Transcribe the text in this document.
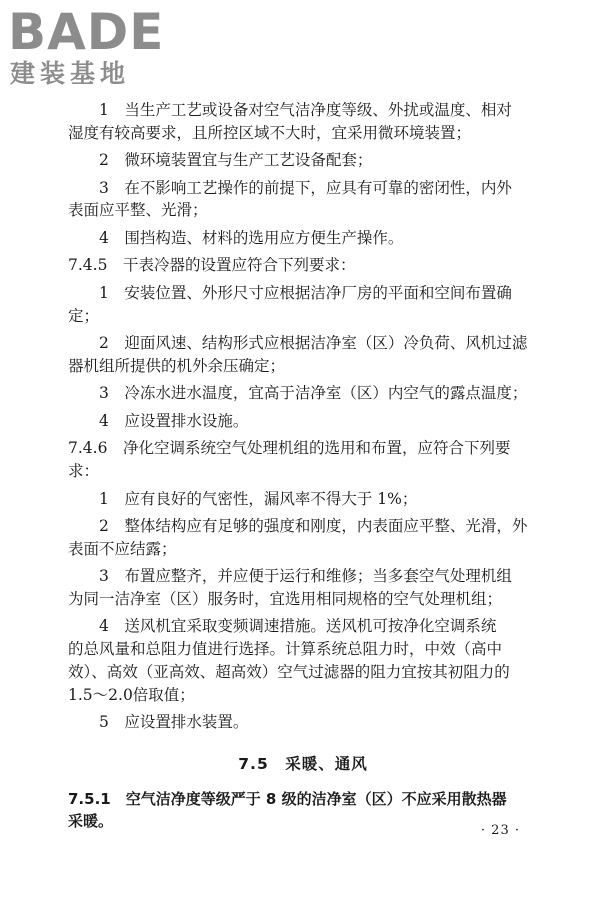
BADE
建装基地
1　当生产工艺或设备对空气洁净度等级、外扰或温度、相对
湿度有较高要求，且所控区域不大时，宜采用微环境装置；
2　微环境装置宜与生产工艺设备配套；
3　在不影响工艺操作的前提下，应具有可靠的密闭性，内外
表面应平整、光滑；
4　围挡构造、材料的选用应方便生产操作。
7.4.5　干表冷器的设置应符合下列要求：
1　安装位置、外形尺寸应根据洁净厂房的平面和空间布置确
定；
2　迎面风速、结构形式应根据洁净室（区）冷负荷、风机过滤
器机组所提供的机外余压确定；
3　冷冻水进水温度，宜高于洁净室（区）内空气的露点温度；
4　应设置排水设施。
7.4.6　净化空调系统空气处理机组的选用和布置，应符合下列要
求：
1　应有良好的气密性，漏风率不得大于 1%；
2　整体结构应有足够的强度和刚度，内表面应平整、光滑，外
表面不应结露；
3　布置应整齐，并应便于运行和维修；当多套空气处理机组
为同一洁净室（区）服务时，宜选用相同规格的空气处理机组；
4　送风机宜采取变频调速措施。送风机可按净化空调系统
的总风量和总阻力值进行选择。计算系统总阻力时，中效（高中
效）、高效（亚高效、超高效）空气过滤器的阻力宜按其初阻力的
1.5～2.0倍取值；
5　应设置排水装置。
7.5　采暖、通风
7.5.1　空气洁净度等级严于 8 级的洁净室（区）不应采用散热器
采暖。
· 23 ·
